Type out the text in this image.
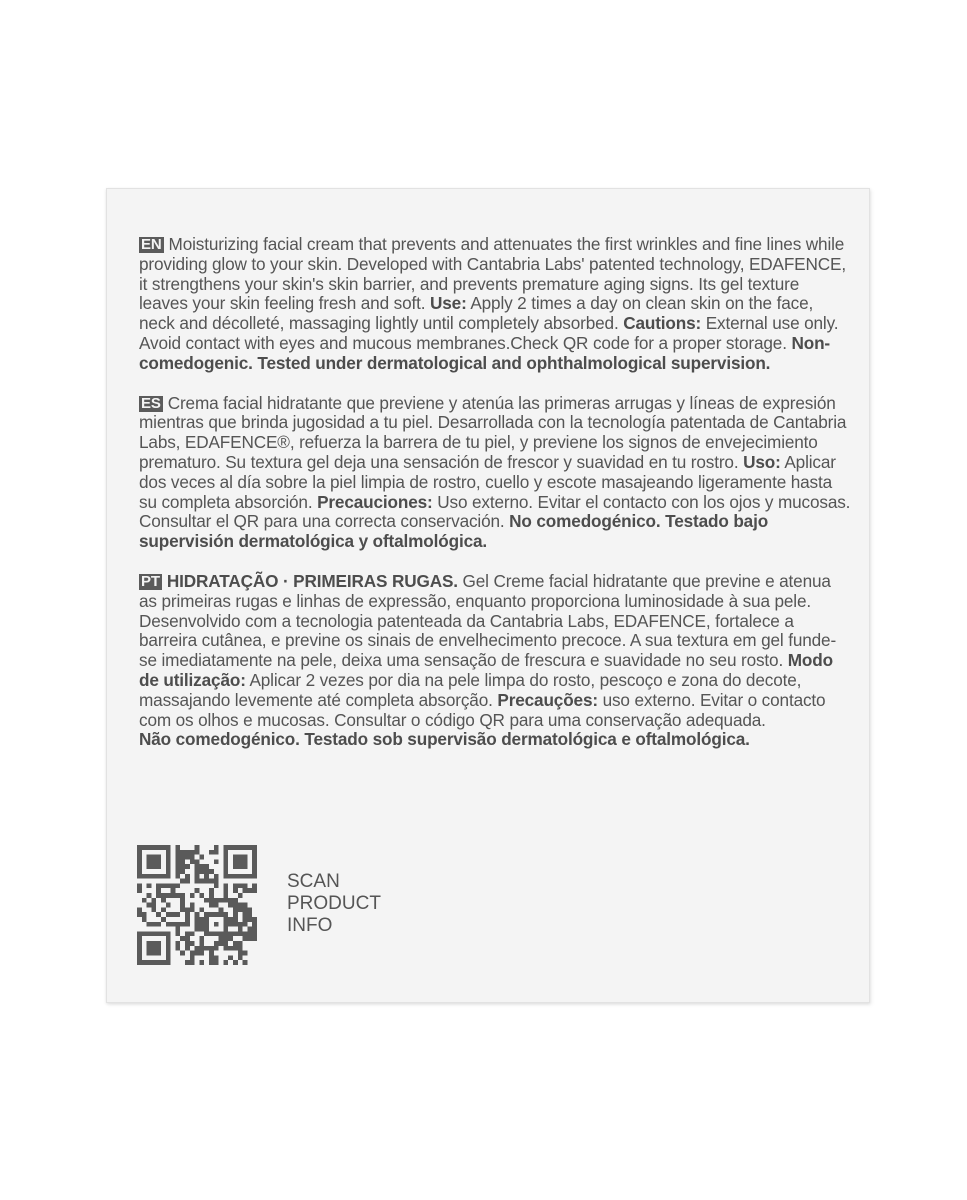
EN Moisturizing facial cream that prevents and attenuates the first wrinkles and fine lines while providing glow to your skin. Developed with Cantabria Labs' patented technology, EDAFENCE, it strengthens your skin's skin barrier, and prevents premature aging signs. Its gel texture leaves your skin feeling fresh and soft. Use: Apply 2 times a day on clean skin on the face, neck and décolleté, massaging lightly until completely absorbed. Cautions: External use only. Avoid contact with eyes and mucous membranes.Check QR code for a proper storage. Non-comedogenic. Tested under dermatological and ophthalmological supervision.

ES Crema facial hidratante que previene y atenúa las primeras arrugas y líneas de expresión mientras que brinda jugosidad a tu piel. Desarrollada con la tecnología patentada de Cantabria Labs, EDAFENCE®, refuerza la barrera de tu piel, y previene los signos de envejecimiento prematuro. Su textura gel deja una sensación de frescor y suavidad en tu rostro. Uso: Aplicar dos veces al día sobre la piel limpia de rostro, cuello y escote masajeando ligeramente hasta su completa absorción. Precauciones: Uso externo. Evitar el contacto con los ojos y mucosas. Consultar el QR para una correcta conservación. No comedogénico. Testado bajo supervisión dermatológica y oftalmológica.

PT HIDRATAÇÃO · PRIMEIRAS RUGAS. Gel Creme facial hidratante que previne e atenua as primeiras rugas e linhas de expressão, enquanto proporciona luminosidade à sua pele. Desenvolvido com a tecnologia patenteada da Cantabria Labs, EDAFENCE, fortalece a barreira cutânea, e previne os sinais de envelhecimento precoce. A sua textura em gel funde-se imediatamente na pele, deixa uma sensação de frescura e suavidade no seu rosto. Modo de utilização: Aplicar 2 vezes por dia na pele limpa do rosto, pescoço e zona do decote, massajando levemente até completa absorção. Precauções: uso externo. Evitar o contacto com os olhos e mucosas. Consultar o código QR para uma conservação adequada.
Não comedogénico. Testado sob supervisão dermatológica e oftalmológica.

SCAN
PRODUCT
INFO
